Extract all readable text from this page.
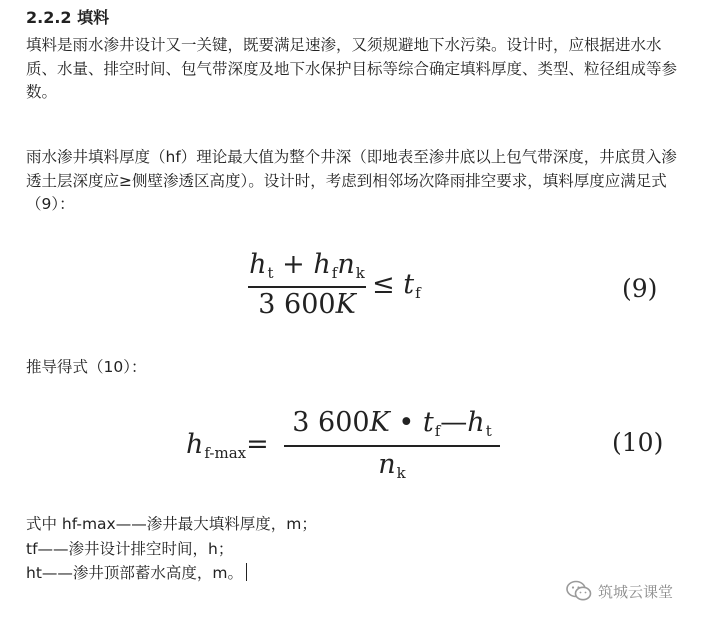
2.2.2 填料
填料是雨水渗井设计又一关键，既要满足速渗，又须规避地下水污染。设计时，应根据进水水质、水量、排空时间、包气带深度及地下水保护目标等综合确定填料厚度、类型、粒径组成等参数。
雨水渗井填料厚度（hf）理论最大值为整个井深（即地表至渗井底以上包气带深度，井底贯入渗透土层深度应≥侧壁渗透区高度）。设计时，考虑到相邻场次降雨排空要求，填料厚度应满足式（9）：
$h_t + h_fn_k$
3 600K
≤ $t_f$	(9)
推导得式（10）：
$h_{f-max}=$
3 600K • $t_f—h_t$
$n_k$
(10)
式中 hf-max——渗井最大填料厚度，m；
tf——渗井设计排空时间，h；
ht——渗井顶部蓄水高度，m。
筑城云课堂
